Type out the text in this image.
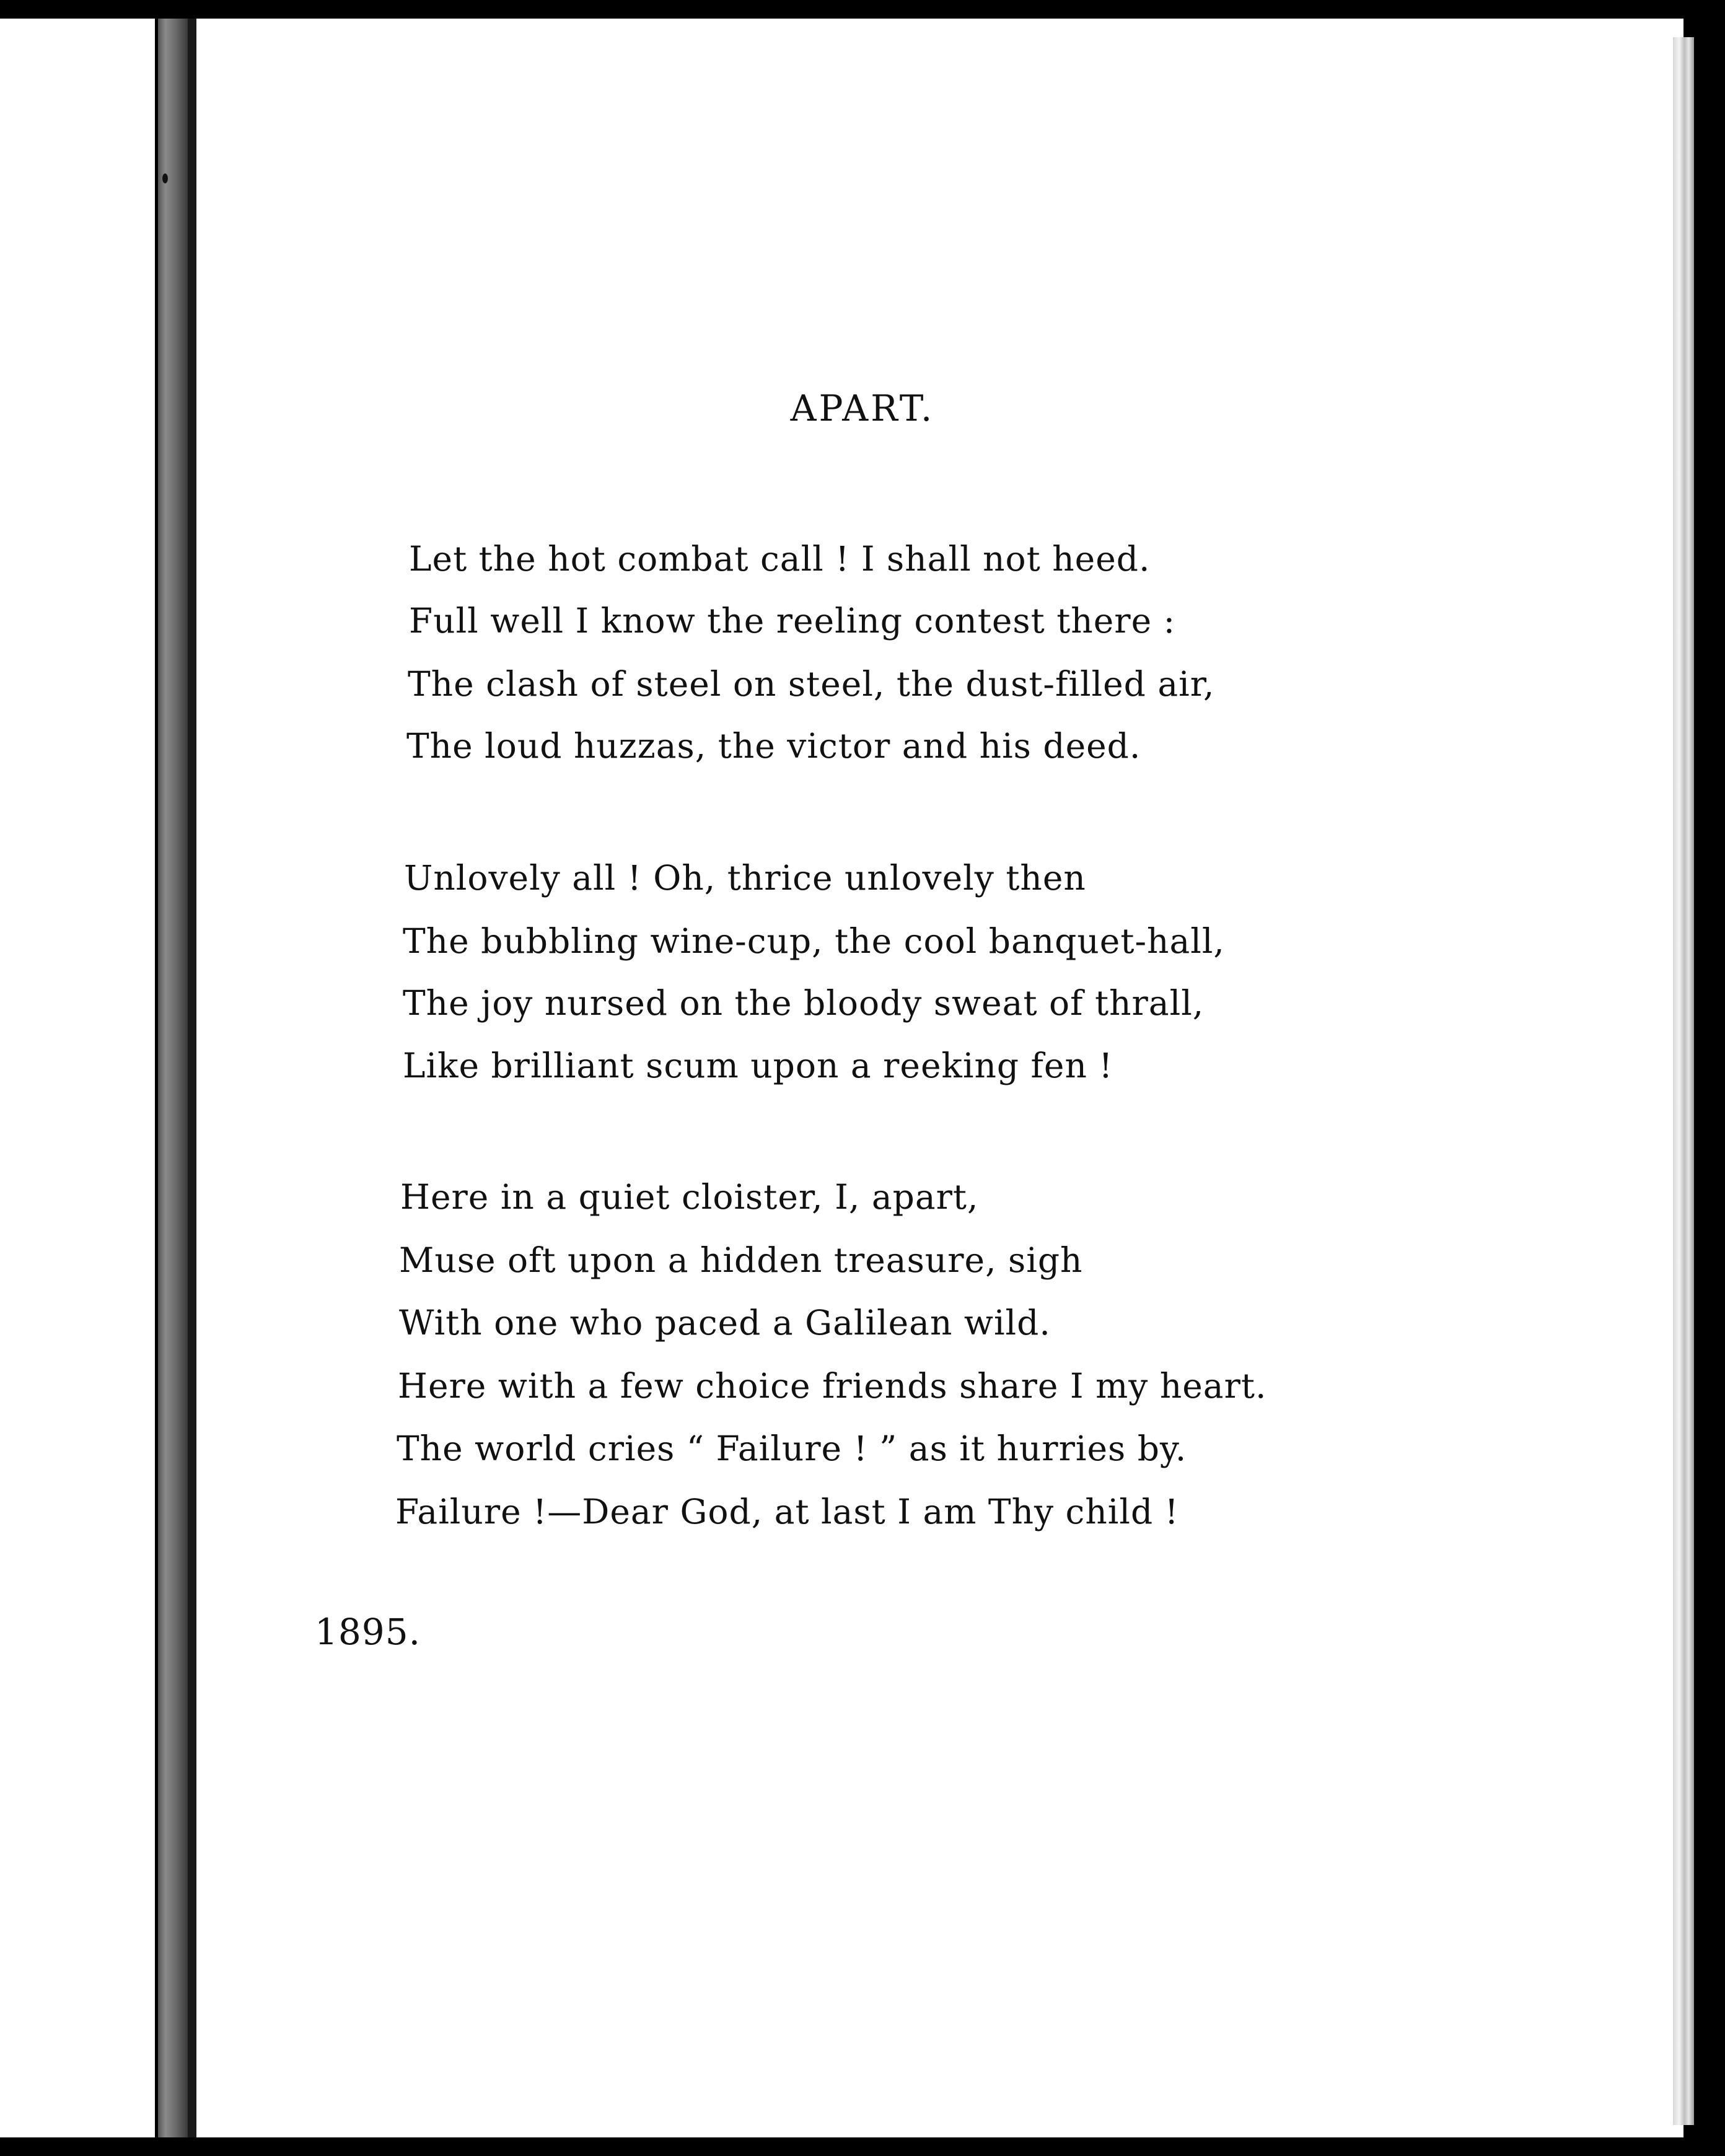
APART.
Let the hot combat call ! I shall not heed.
Full well I know the reeling contest there :
The clash of steel on steel, the dust-filled air,
The loud huzzas, the victor and his deed.
Unlovely all ! Oh, thrice unlovely then
The bubbling wine-cup, the cool banquet-hall,
The joy nursed on the bloody sweat of thrall,
Like brilliant scum upon a reeking fen !
Here in a quiet cloister, I, apart,
Muse oft upon a hidden treasure, sigh
With one who paced a Galilean wild.
Here with a few choice friends share I my heart.
The world cries “ Failure ! ” as it hurries by.
Failure !—Dear God, at last I am Thy child !
1895.
